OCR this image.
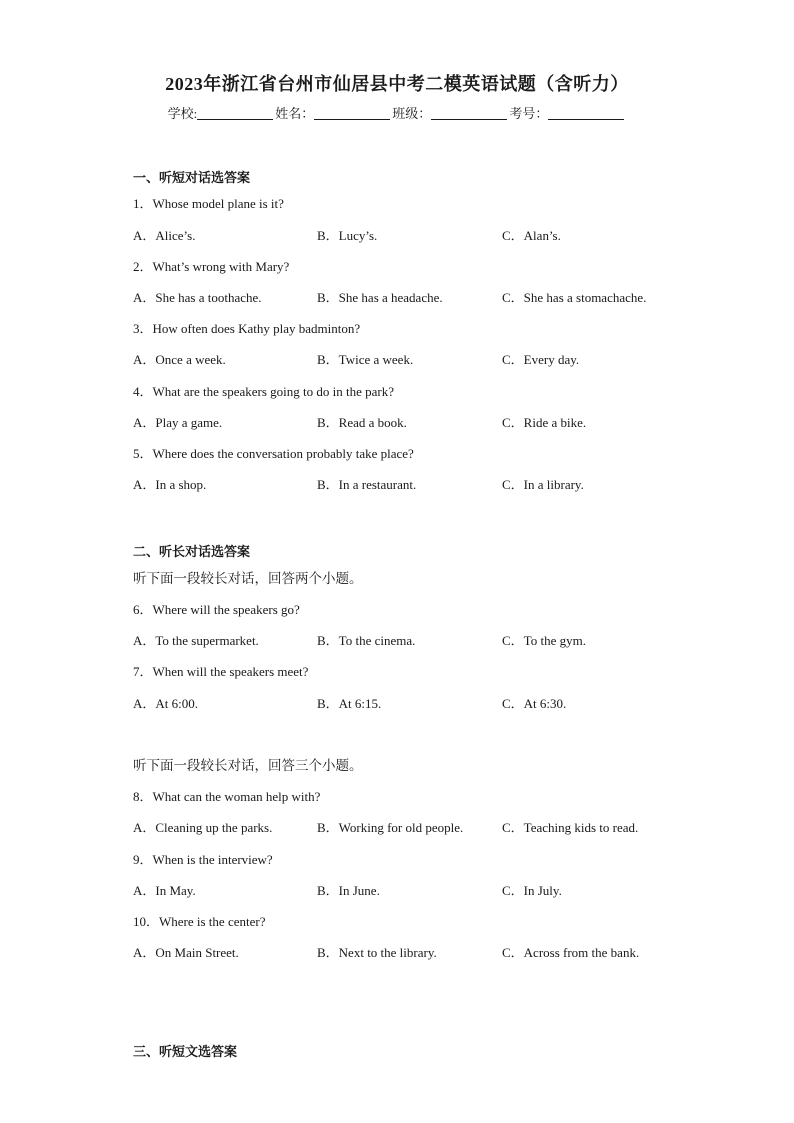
2023年浙江省台州市仙居县中考二模英语试题（含听力）
学校:	姓名：	班级：	考号：
一、听短对话选答案
1．Whose model plane is it?
A．Alice’s.	B．Lucy’s.	C．Alan’s.
2．What’s wrong with Mary?
A．She has a toothache.	B．She has a headache.	C．She has a stomachache.
3．How often does Kathy play badminton?
A．Once a week.	B．Twice a week.	C．Every day.
4．What are the speakers going to do in the park?
A．Play a game.	B．Read a book.	C．Ride a bike.
5．Where does the conversation probably take place?
A．In a shop.	B．In a restaurant.	C．In a library.
二、听长对话选答案
听下面一段较长对话，回答两个小题。
6．Where will the speakers go?
A．To the supermarket.	B．To the cinema.	C．To the gym.
7．When will the speakers meet?
A．At 6:00.	B．At 6:15.	C．At 6:30.
听下面一段较长对话，回答三个小题。
8．What can the woman help with?
A．Cleaning up the parks.	B．Working for old people.	C．Teaching kids to read.
9．When is the interview?
A．In May.	B．In June.	C．In July.
10．Where is the center?
A．On Main Street.	B．Next to the library.	C．Across from the bank.
三、听短文选答案
